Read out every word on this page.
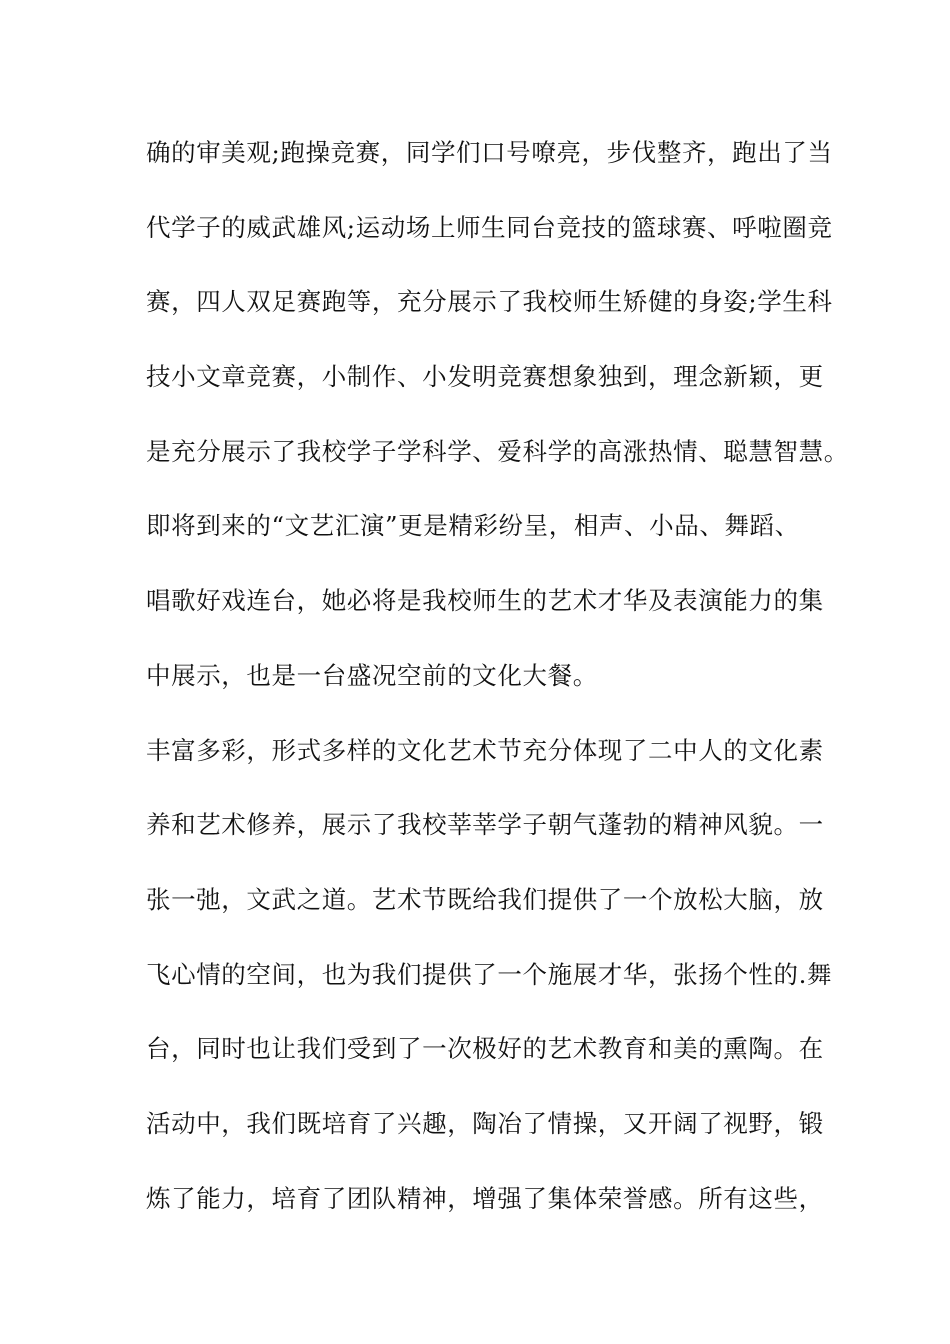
确的审美观;跑操竞赛，同学们口号嘹亮，步伐整齐，跑出了当
代学子的威武雄风;运动场上师生同台竞技的篮球赛、呼啦圈竞
赛，四人双足赛跑等，充分展示了我校师生矫健的身姿;学生科
技小文章竞赛，小制作、小发明竞赛想象独到，理念新颖，更
是充分展示了我校学子学科学、爱科学的高涨热情、聪慧智慧。
即将到来的“文艺汇演”更是精彩纷呈，相声、小品、舞蹈、
唱歌好戏连台，她必将是我校师生的艺术才华及表演能力的集
中展示，也是一台盛况空前的文化大餐。
丰富多彩，形式多样的文化艺术节充分体现了二中人的文化素
养和艺术修养，展示了我校莘莘学子朝气蓬勃的精神风貌。一
张一弛，文武之道。艺术节既给我们提供了一个放松大脑，放
飞心情的空间，也为我们提供了一个施展才华，张扬个性的.舞
台，同时也让我们受到了一次极好的艺术教育和美的熏陶。在
活动中，我们既培育了兴趣，陶冶了情操，又开阔了视野，锻
炼了能力，培育了团队精神，增强了集体荣誉感。所有这些，
